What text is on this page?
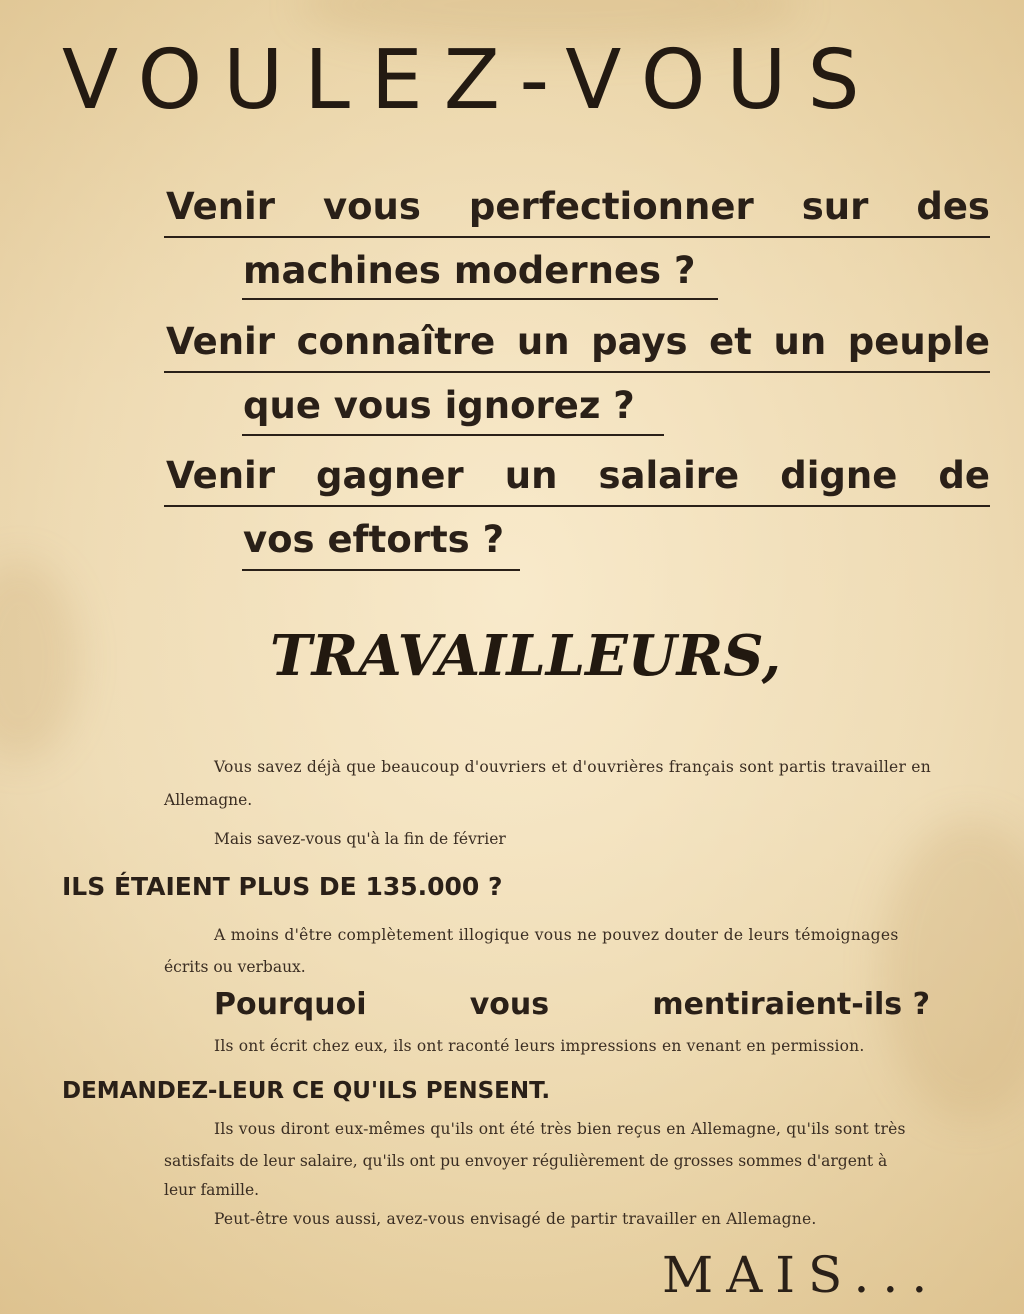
VOULEZ-VOUS
Venir vous perfectionner sur des
machines modernes ?
Venir connaître un pays et un peuple
que vous ignorez ?
Venir gagner un salaire digne de
vos eftorts ?
TRAVAILLEURS,
Vous savez déjà que beaucoup d'ouvriers et d'ouvrières français sont partis travailler en
Allemagne.
Mais savez-vous qu'à la fin de février
ILS ÉTAIENT PLUS DE 135.000 ?
A moins d'être complètement illogique vous ne pouvez douter de leurs témoignages
écrits ou verbaux.
Pourquoi	vous	mentiraient-ils ?
Ils ont écrit chez eux, ils ont raconté leurs impressions en venant en permission.
DEMANDEZ-LEUR CE QU'ILS PENSENT.
Ils vous diront eux-mêmes qu'ils ont été très bien reçus en Allemagne, qu'ils sont très
satisfaits de leur salaire, qu'ils ont pu envoyer régulièrement de grosses sommes d'argent à
leur famille.
Peut-être vous aussi, avez-vous envisagé de partir travailler en Allemagne.
MAIS...
